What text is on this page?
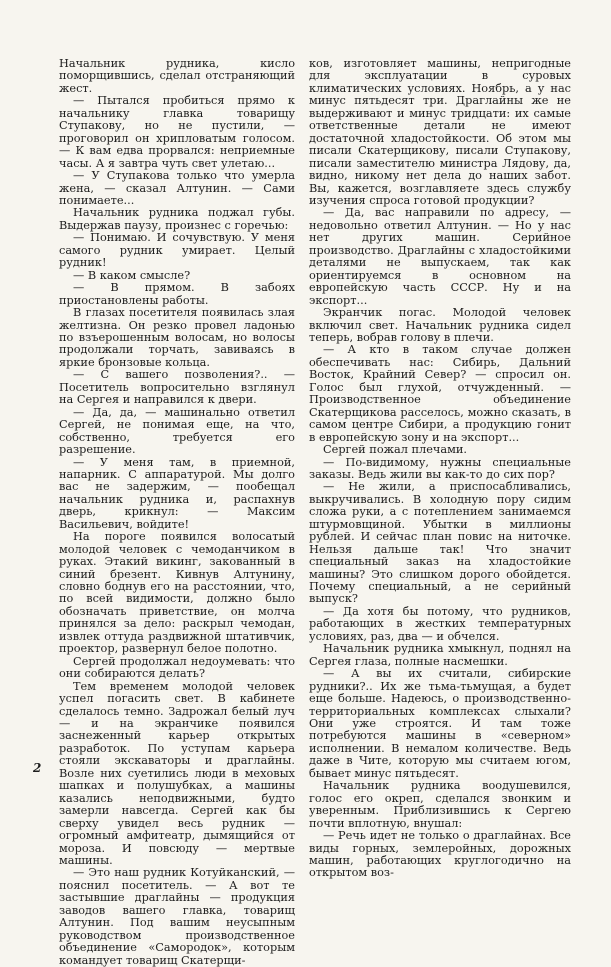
Начальник рудника, кисло поморщившись, сделал отстраняющий жест.

— Пытался пробиться прямо к начальнику главка товарищу Ступакову, но не пустили, — проговорил он хрипловатым голосом. — К вам едва прорвался: неприемные часы. А я завтра чуть свет улетаю...

— У Ступакова только что умерла жена, — сказал Алтунин. — Сами понимаете...

Начальник рудника поджал губы. Выдержав паузу, произнес с горечью:

— Понимаю. И сочувствую. У меня самого рудник умирает. Целый рудник!

— В каком смысле?

— В прямом. В забоях приостановлены работы.

В глазах посетителя появилась злая желтизна. Он резко провел ладонью по взъерошенным волосам, но волосы продолжали торчать, завиваясь в яркие бронзовые кольца.

— С вашего позволения?.. — Посетитель вопросительно взглянул на Сергея и направился к двери.

— Да, да, — машинально ответил Сергей, не понимая еще, на что, собственно, требуется его разрешение.

— У меня там, в приемной, напарник. С аппаратурой. Мы долго вас не задержим, — пообещал начальник рудника и, распахнув дверь, крикнул: — Максим Васильевич, войдите!

На пороге появился волосатый молодой человек с чемоданчиком в руках. Этакий викинг, закованный в синий брезент. Кивнув Алтунину, словно боднув его на расстоянии, что, по всей видимости, должно было обозначать приветствие, он молча принялся за дело: раскрыл чемодан, извлек оттуда раздвижной штативчик, проектор, развернул белое полотно.

Сергей продолжал недоумевать: что они собираются делать?

Тем временем молодой человек успел погасить свет. В кабинете сделалось темно. Задрожал белый луч — и на экранчике появился заснеженный карьер открытых разработок. По уступам карьера стояли экскаваторы и драглайны. Возле них суетились люди в меховых шапках и полушубках, а машины казались неподвижными, будто замерли навсегда. Сергей как бы сверху увидел весь рудник — огромный амфитеатр, дымящийся от мороза. И повсюду — мертвые машины.

— Это наш рудник Котуйканский, — пояснил посетитель. — А вот те застывшие драглайны — продукция заводов вашего главка, товарищ Алтунин. Под вашим неусыпным руководством производственное объединение «Самородок», которым командует товарищ Скатерщи-

ков, изготовляет машины, непригодные для эксплуатации в суровых климатических условиях. Ноябрь, а у нас минус пятьдесят три. Драглайны же не выдерживают и минус тридцати: их самые ответственные детали не имеют достаточной хладостойкости. Об этом мы писали Скатерщикову, писали Ступакову, писали заместителю министра Лядову, да, видно, никому нет дела до наших забот. Вы, кажется, возглавляете здесь службу изучения спроса готовой продукции?

— Да, вас направили по адресу, — недовольно ответил Алтунин. — Но у нас нет других машин. Серийное производство. Драглайны с хладостойкими деталями не выпускаем, так как ориентируемся в основном на европейскую часть СССР. Ну и на экспорт...

Экранчик погас. Молодой человек включил свет. Начальник рудника сидел теперь, вобрав голову в плечи.

— А кто в таком случае должен обеспечивать нас: Сибирь, Дальний Восток, Крайний Север? — спросил он. Голос был глухой, отчужденный. — Производственное объединение Скатерщикова расселось, можно сказать, в самом центре Сибири, а продукцию гонит в европейскую зону и на экспорт...

Сергей пожал плечами.

— По-видимому, нужны специальные заказы. Ведь жили вы как-то до сих пор?

— Не жили, а приспосабливались, выкручивались. В холодную пору сидим сложа руки, а с потеплением занимаемся штурмовщиной. Убытки в миллионы рублей. И сейчас план повис на ниточке. Нельзя дальше так! Что значит специальный заказ на хладостойкие машины? Это слишком дорого обойдется. Почему специальный, а не серийный выпуск?

— Да хотя бы потому, что рудников, работающих в жестких температурных условиях, раз, два — и обчелся.

Начальник рудника хмыкнул, поднял на Сергея глаза, полные насмешки.

— А вы их считали, сибирские рудники?.. Их же тьма-тьмущая, а будет еще больше. Надеюсь, о производственно-территориальных комплексах слыхали? Они уже строятся. И там тоже потребуются машины в «северном» исполнении. В немалом количестве. Ведь даже в Чите, которую мы считаем югом, бывает минус пятьдесят.

Начальник рудника воодушевился, голос его окреп, сделался звонким и уверенным. Приблизившись к Сергею почти вплотную, внушал:

— Речь идет не только о драглайнах. Все виды горных, землеройных, дорожных машин, работающих круглогодично на открытом воз-

2
